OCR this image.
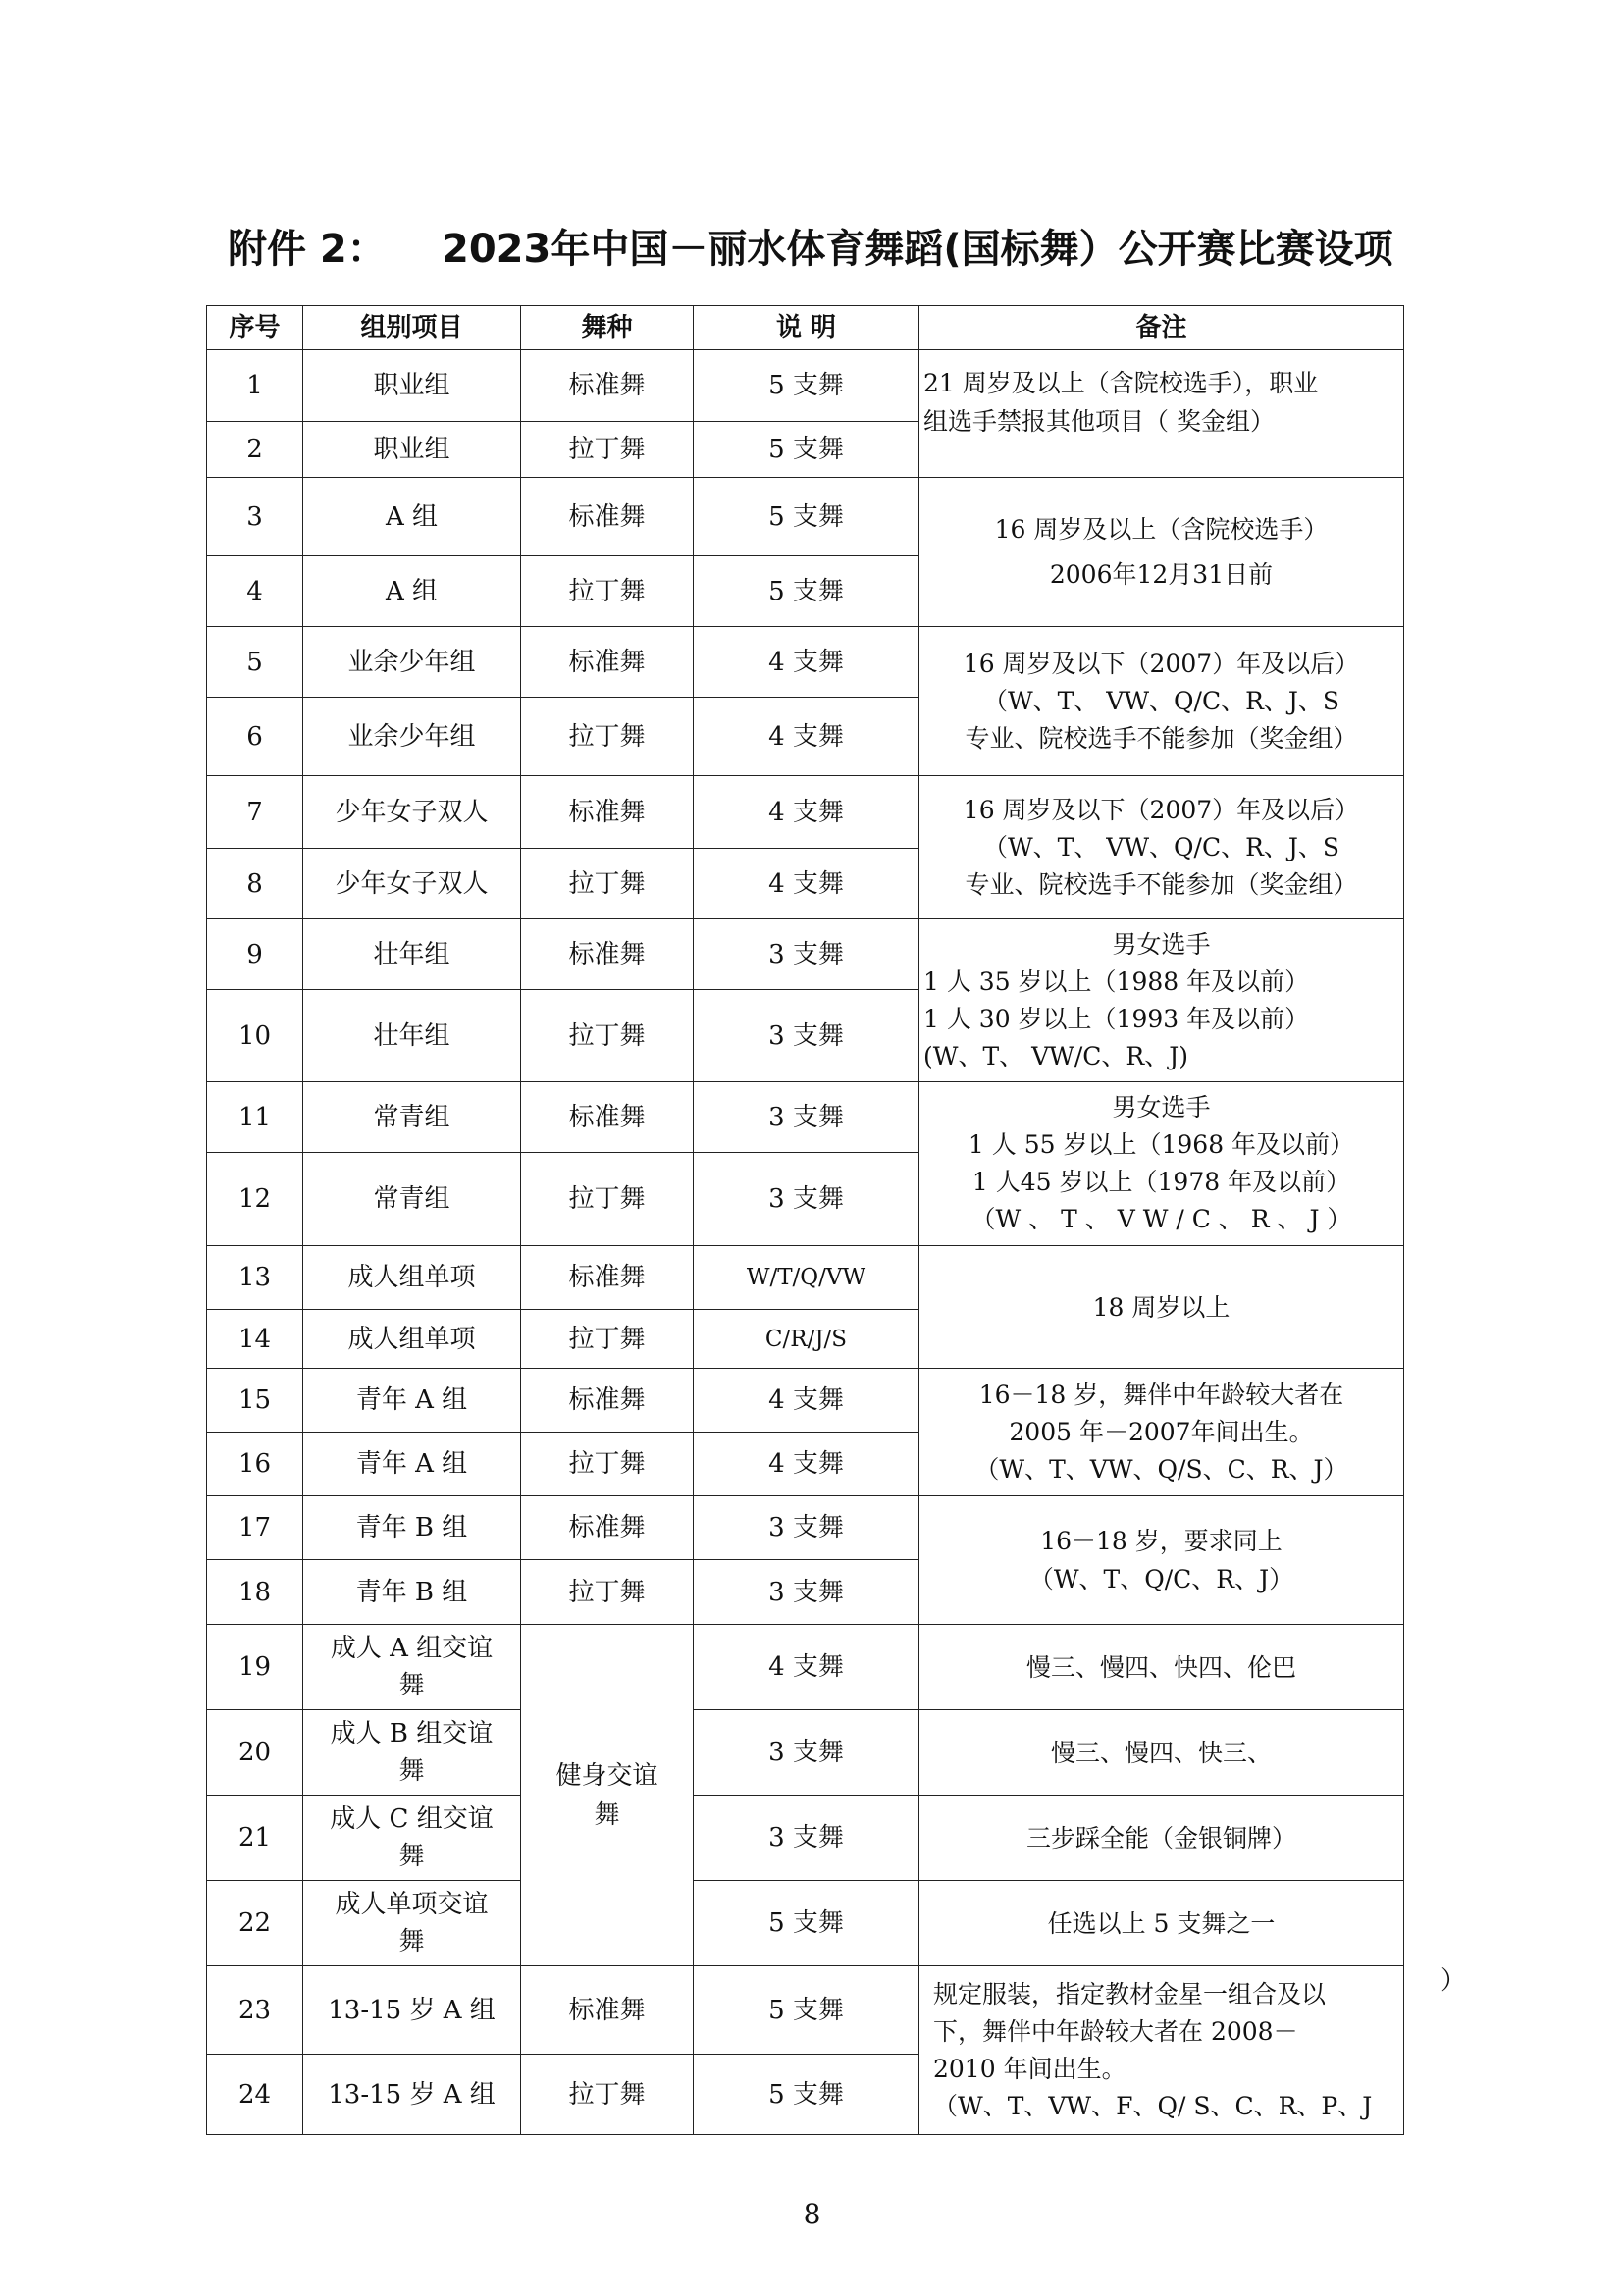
附件 2： 2023年中国－丽水体育舞蹈(国标舞）公开赛比赛设项
序号	组别项目	舞种	说 明	备注
1	职业组	标准舞	5 支舞	21 周岁及以上（含院校选手），职业
组选手禁报其他项目（ 奖金组）

2	职业组	拉丁舞	5 支舞	
3	A 组	标准舞	5 支舞	16 周岁及以上（含院校选手）
2006年12月31日前

4	A 组	拉丁舞	5 支舞	
5	业余少年组	标准舞	4 支舞	16 周岁及以下（2007）年及以后）
（W、T、 VW、Q/C、R、J、S
专业、院校选手不能参加（奖金组）

6	业余少年组	拉丁舞	4 支舞	
7	少年女子双人	标准舞	4 支舞	16 周岁及以下（2007）年及以后）
（W、T、 VW、Q/C、R、J、S
专业、院校选手不能参加（奖金组）

8	少年女子双人	拉丁舞	4 支舞	
9	壮年组	标准舞	3 支舞	男女选手
1 人 35 岁以上（1988 年及以前）
1 人 30 岁以上（1993 年及以前）
(W、T、 VW/C、R、J)

10	壮年组	拉丁舞	3 支舞	
11	常青组	标准舞	3 支舞	男女选手
1 人 55 岁以上（1968 年及以前）
1 人45 岁以上（1978 年及以前）
（W 、 T 、 V W / C 、 R 、 J ）

12	常青组	拉丁舞	3 支舞	
13	成人组单项	标准舞	W/T/Q/VW	18 周岁以上
14	成人组单项	拉丁舞	C/R/J/S	
15	青年 A 组	标准舞	4 支舞	16－18 岁，舞伴中年龄较大者在
2005 年－2007年间出生。
（W、T、VW、Q/S、C、R、J）

16	青年 A 组	拉丁舞	4 支舞	
17	青年 B 组	标准舞	3 支舞	16－18 岁，要求同上
（W、T、Q/C、R、J）

18	青年 B 组	拉丁舞	3 支舞	
19	成人 A 组交谊舞	健身交谊舞	4 支舞	慢三、慢四、快四、伦巴
20	成人 B 组交谊舞		3 支舞	慢三、慢四、快三、
21	成人 C 组交谊舞		3 支舞	三步踩全能（金银铜牌）
22	成人单项交谊舞		5 支舞	任选以上 5 支舞之一
23	13-15 岁 A 组	标准舞	5 支舞	规定服装，指定教材金星一组合及以
下，舞伴中年龄较大者在 2008－
2010 年间出生。
（W、T、VW、F、Q/ S、C、R、P、J

24	13-15 岁 A 组	拉丁舞	5 支舞	
）
8
